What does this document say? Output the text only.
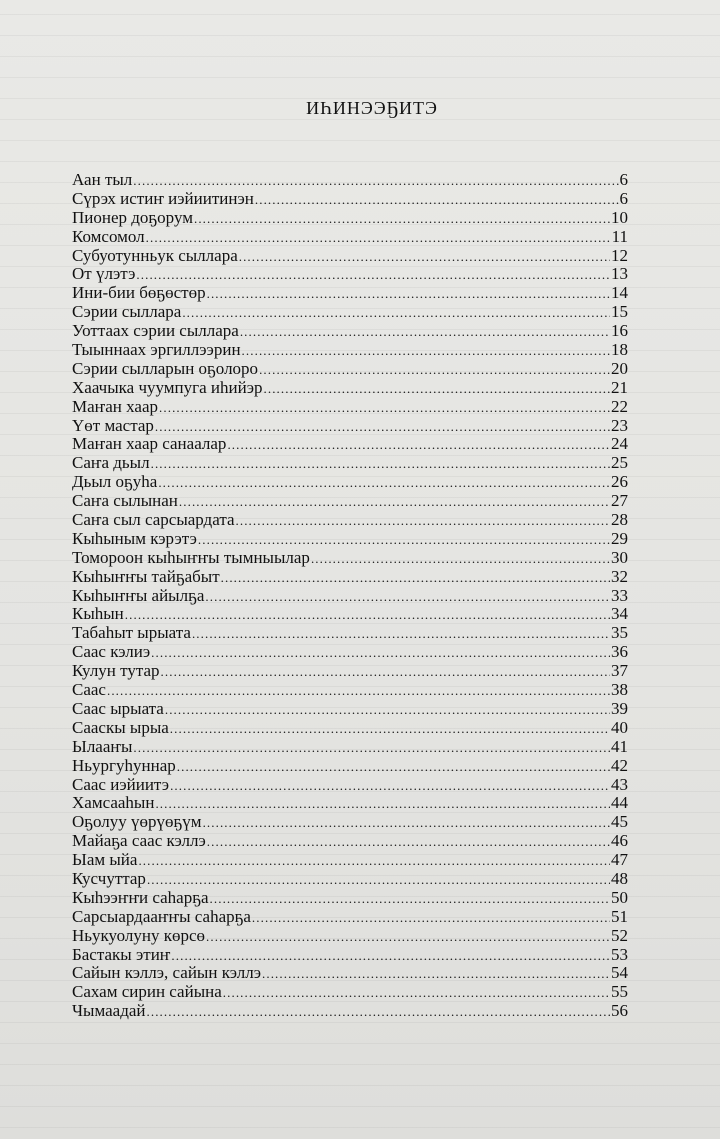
ИҺИНЭЭҔИТЭ
Аан тыл .....	6
Сүрэх истиҥ иэйиитинэн .....	6
Пионер доҕорум .....	10
Комсомол .....	11
Субуотунньук сыллара .....	12
От үлэтэ .....	13
Ини-бии бөҕөстөр .....	14
Сэрии сыллара .....	15
Уоттаах сэрии сыллара .....	16
Тыыннаах эргиллээрин .....	18
Сэрии сылларын оҕолоро .....	20
Хаачыка чуумпуга иһийэр .....	21
Маҥан хаар .....	22
Үөт мастар .....	23
Маҥан хаар санаалар .....	24
Саҥа дьыл .....	25
Дьыл оҕуһа .....	26
Саҥа сылынан .....	27
Саҥа сыл сарсыардата .....	28
Кыһыным кэрэтэ .....	29
Томороон кыһыҥҥы тымныылар .....	30
Кыһыҥҥы тайҕабыт .....	32
Кыһыҥҥы айылҕа .....	33
Кыһын .....	34
Табаһыт ырыата .....	35
Саас кэлиэ .....	36
Кулун тутар .....	37
Саас .....	38
Саас ырыата .....	39
Сааскы ырыа .....	40
Ылааҥы .....	41
Ньургуһуннар .....	42
Саас иэйиитэ .....	43
Хамсааһын .....	44
Оҕолуу үөрүөҕүм .....	45
Майаҕа саас кэллэ .....	46
Ыам ыйа .....	47
Кусчуттар .....	48
Кыһээҥҥи саһарҕа .....	50
Сарсыардааҥҥы саһарҕа .....	51
Ньукуолуну көрсө .....	52
Бастакы этиҥ .....	53
Сайын кэллэ, сайын кэллэ .....	54
Сахам сирин сайына .....	55
Чымаадай .....	56
